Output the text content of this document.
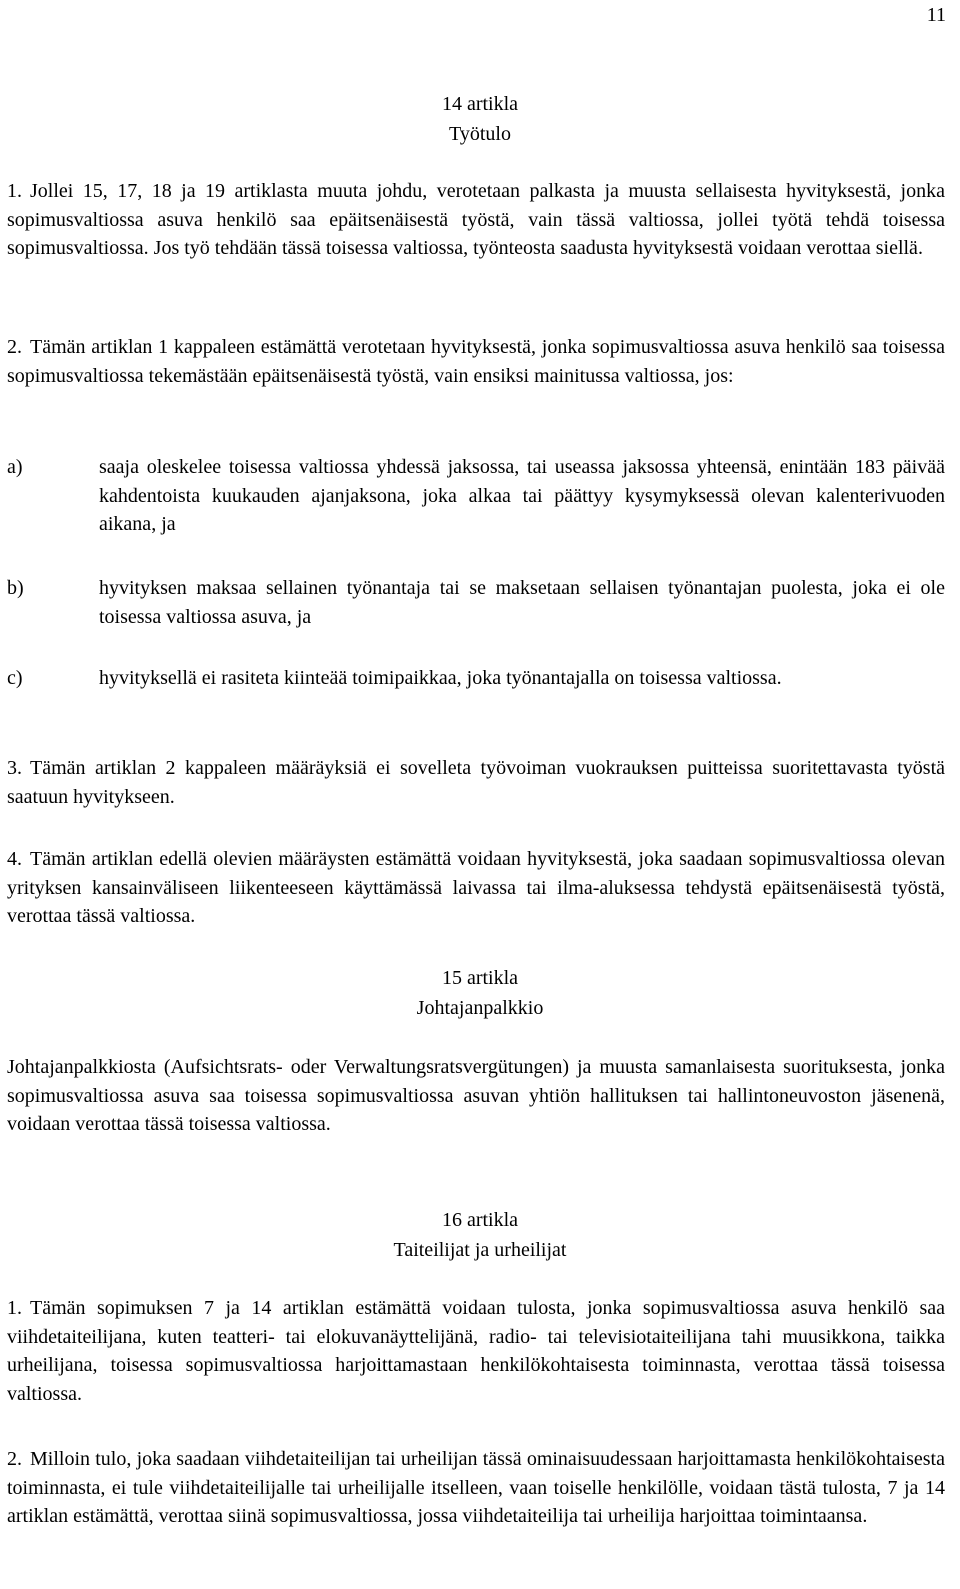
11
14 artikla
Työtulo
1. Jollei 15, 17, 18 ja 19 artiklasta muuta johdu, verotetaan palkasta ja muusta sellaisesta hyvityksestä, jonka sopimusvaltiossa asuva henkilö saa epäitsenäisestä työstä, vain tässä valtiossa, jollei työtä tehdä toisessa sopimusvaltiossa. Jos työ tehdään tässä toisessa valtiossa, työnteosta saadusta hyvityksestä voidaan verottaa siellä.
2. Tämän artiklan 1 kappaleen estämättä verotetaan hyvityksestä, jonka sopimusvaltiossa asuva henkilö saa toisessa sopimusvaltiossa tekemästään epäitsenäisestä työstä, vain ensiksi mainitussa valtiossa, jos:
a)	saaja oleskelee toisessa valtiossa yhdessä jaksossa, tai useassa jaksossa yhteensä, enintään 183 päivää kahdentoista kuukauden ajanjaksona, joka alkaa tai päättyy kysymyksessä olevan kalenterivuoden aikana, ja
b)	hyvityksen maksaa sellainen työnantaja tai se maksetaan sellaisen työnantajan puolesta, joka ei ole toisessa valtiossa asuva, ja
c)	hyvityksellä ei rasiteta kiinteää toimipaikkaa, joka työnantajalla on toisessa valtiossa.
3. Tämän artiklan 2 kappaleen määräyksiä ei sovelleta työvoiman vuokrauksen puitteissa suoritettavasta työstä saatuun hyvitykseen.
4. Tämän artiklan edellä olevien määräysten estämättä voidaan hyvityksestä, joka saadaan sopimusvaltiossa olevan yrityksen kansainväliseen liikenteeseen käyttämässä laivassa tai ilma-aluksessa tehdystä epäitsenäisestä työstä, verottaa tässä valtiossa.
15 artikla
Johtajanpalkkio
Johtajanpalkkiosta (Aufsichtsrats- oder Verwaltungsratsvergütungen) ja muusta samanlaisesta suorituksesta, jonka sopimusvaltiossa asuva saa toisessa sopimusvaltiossa asuvan yhtiön hallituksen tai hallintoneuvoston jäsenenä, voidaan verottaa tässä toisessa valtiossa.
16 artikla
Taiteilijat ja urheilijat
1. Tämän sopimuksen 7 ja 14 artiklan estämättä voidaan tulosta, jonka sopimusvaltiossa asuva henkilö saa viihdetaiteilijana, kuten teatteri- tai elokuvanäyttelijänä, radio- tai televisiotaiteilijana tahi muusikkona, taikka urheilijana, toisessa sopimusvaltiossa harjoittamastaan henkilökohtaisesta toiminnasta, verottaa tässä toisessa valtiossa.
2. Milloin tulo, joka saadaan viihdetaiteilijan tai urheilijan tässä ominaisuudessaan harjoittamasta henkilökohtaisesta toiminnasta, ei tule viihdetaiteilijalle tai urheilijalle itselleen, vaan toiselle henkilölle, voidaan tästä tulosta, 7 ja 14 artiklan estämättä, verottaa siinä sopimusvaltiossa, jossa viihdetaiteilija tai urheilija harjoittaa toimintaansa.
